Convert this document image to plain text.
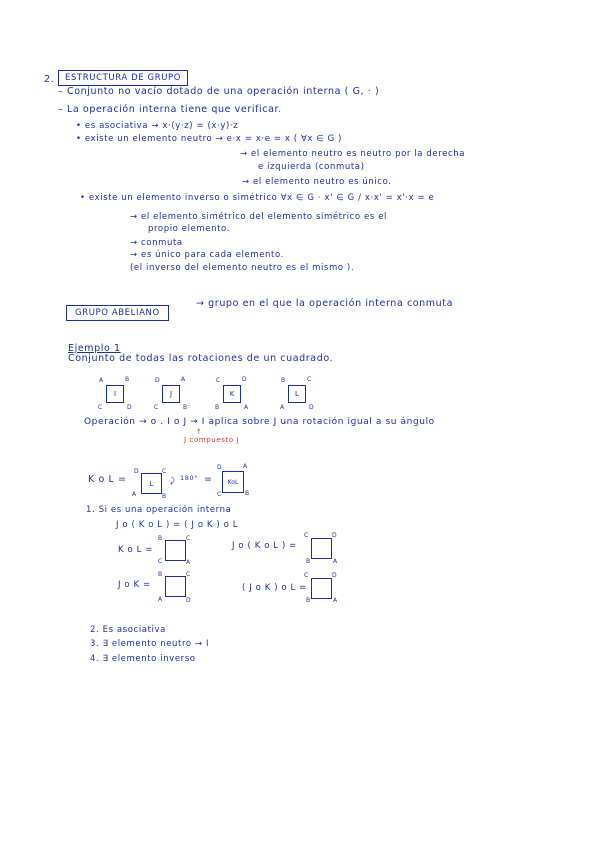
2.	ESTRUCTURA DE GRUPO
– Conjunto no vacío dotado de una operación interna ( G, · )
– La operación interna tiene que verificar.
• es asociativa → x·(y·z) = (x·y)·z
• existe un elemento neutro → e·x = x·e = x ( ∀x ∈ G )
→ el elemento neutro es neutro por la derecha
e izquierda (conmuta)
→ el elemento neutro es único.
• existe un elemento inverso o simétrico ∀x ∈ G · x' ∈ G / x·x' = x'·x = e
→ el elemento simétrico del elemento simétrico es el
propio elemento.
→ conmuta
→ es único para cada elemento.
(el inverso del elemento neutro es el mismo ).
GRUPO ABELIANO
→ grupo en el que la operación interna conmuta
Ejemplo 1
Conjunto de todas las rotaciones de un cuadrado.
I
A	B
C	D
J
D	A
C	B
K
C	D
B	A
L
B	C
A	D
Operación → o . I o J → I aplica sobre J una rotación igual a su ángulo
↑
J compuesto J
K o L =	L
D	C
A	B
⤸ 180° =	KoL
D	A
C	B
1. Si es una operación interna
J o ( K o L ) = ( J o K ) o L
K o L =
B	C
C	A
J o ( K o L ) =
C	D
B	A
J o K =
B	C
A	D
( J o K ) o L =
C	D
B	A
2. Es asociativa
3. ∃ elemento neutro → I
4. ∃ elemento inverso
